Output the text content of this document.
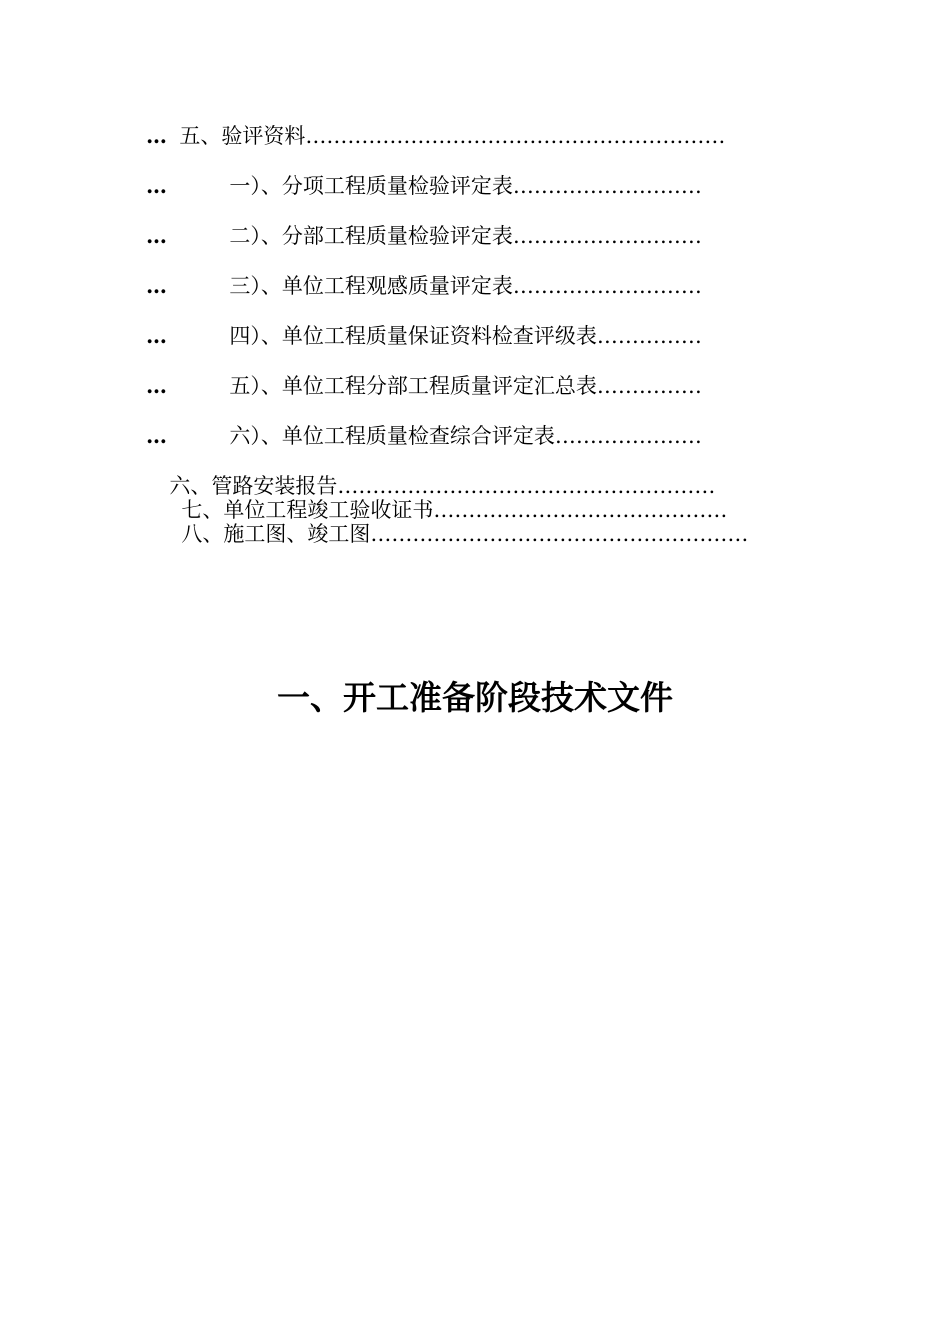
五、验评资料……………………………………………………

…

一）、分项工程质量检验评定表………………………

…

二）、分部工程质量检验评定表………………………

…

三）、单位工程观感质量评定表………………………

…

四）、单位工程质量保证资料检查评级表……………

…

五）、单位工程分部工程质量评定汇总表……………

…

六）、单位工程质量检查综合评定表…………………

…

六、管路安装报告………………………………………………

七、单位工程竣工验收证书……………………………………

八、施工图、竣工图………………………………………………

一、开工准备阶段技术文件
